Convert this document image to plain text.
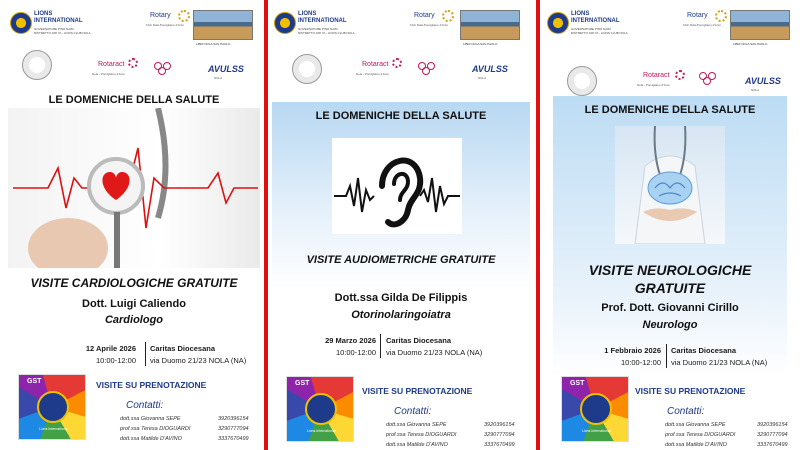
LIONS
INTERNATIONAL
GOVERNATORE PINO NAIM
DISTRETTO 108 YA - LIONS CLUB NOLA
Rotary
Club Nola-Pomigliano d'Arco
LIBRI NOLA SAN PAOLO
Rotaract
Nola - Pomigliano d'Arco	AVULSS
NOLA
LE DOMENICHE DELLA SALUTE
VISITE CARDIOLOGICHE GRATUITE
Dott. Luigi Caliendo
Cardiologo
12 Aprile 2026
10:00-12:00
Caritas Diocesana
via Duomo 21/23 NOLA (NA)
GST
Lions International
VISITE SU PRENOTAZIONE
Contatti:
dott.ssa Giovanna SEPE	3920396154
prof.ssa Teresa DIOGUARDI	3290777094
dott.ssa Matilde D'AVINO	3337670499
LIONS
INTERNATIONAL
GOVERNATORE PINO NAIM
DISTRETTO 108 YA - LIONS CLUB NOLA
Rotary
Club Nola-Pomigliano d'Arco
LIBRI NOLA SAN PAOLO
Rotaract
Nola - Pomigliano d'Arco	AVULSS
NOLA
LE DOMENICHE DELLA SALUTE
VISITE AUDIOMETRICHE GRATUITE
Dott.ssa Gilda De Filippis
Otorinolaringoiatra
29 Marzo 2026
10:00-12:00
Caritas Diocesana
via Duomo 21/23 NOLA (NA)
GST
Lions International
VISITE SU PRENOTAZIONE
Contatti:
dott.ssa Giovanna SEPE	3920396154
prof.ssa Teresa DIOGUARDI	3290777094
dott.ssa Matilde D'AVINO	3337670499
LIONS
INTERNATIONAL
GOVERNATORE PINO NAIM
DISTRETTO 108 YA - LIONS CLUB NOLA
Rotary
Club Nola-Pomigliano d'Arco
LIBRI NOLA SAN PAOLO
Rotaract
Nola - Pomigliano d'Arco	AVULSS
NOLA
LE DOMENICHE DELLA SALUTE
VISITE NEUROLOGICHE
GRATUITE
Prof. Dott. Giovanni Cirillo
Neurologo
1 Febbraio 2026
10:00-12:00
Caritas Diocesana
via Duomo 21/23 NOLA (NA)
GST
Lions International
VISITE SU PRENOTAZIONE
Contatti:
dott.ssa Giovanna SEPE	3920396154
prof.ssa Teresa DIOGUARDI	3290777094
dott.ssa Matilde D'AVINO	3337670499
